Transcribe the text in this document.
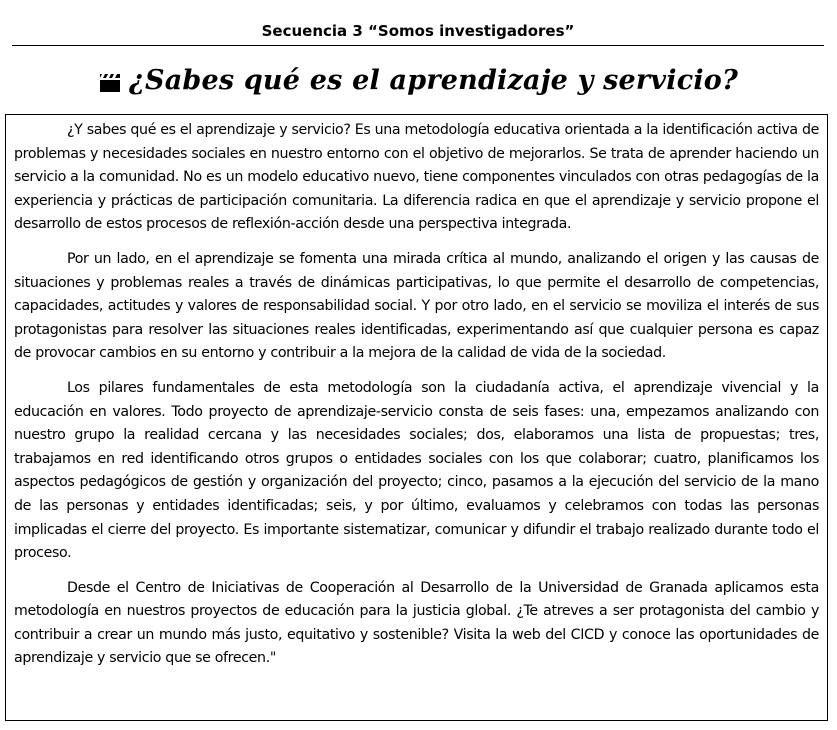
Secuencia 3 “Somos investigadores”
¿Sabes qué es el aprendizaje y servicio?

¿Y sabes qué es el aprendizaje y servicio? Es una metodología educativa orientada a la identificación activa de problemas y necesidades sociales en nuestro entorno con el objetivo de mejorarlos. Se trata de aprender haciendo un servicio a la comunidad. No es un modelo educativo nuevo, tiene componentes vinculados con otras pedagogías de la experiencia y prácticas de participación comunitaria. La diferencia radica en que el aprendizaje y servicio propone el desarrollo de estos procesos de reflexión-acción desde una perspectiva integrada.

Por un lado, en el aprendizaje se fomenta una mirada crítica al mundo, analizando el origen y las causas de situaciones y problemas reales a través de dinámicas participativas, lo que permite el desarrollo de competencias, capacidades, actitudes y valores de responsabilidad social. Y por otro lado, en el servicio se moviliza el interés de sus protagonistas para resolver las situaciones reales identificadas, experimentando así que cualquier persona es capaz de provocar cambios en su entorno y contribuir a la mejora de la calidad de vida de la sociedad.

Los pilares fundamentales de esta metodología son la ciudadanía activa, el aprendizaje vivencial y la educación en valores. Todo proyecto de aprendizaje-servicio consta de seis fases: una, empezamos analizando con nuestro grupo la realidad cercana y las necesidades sociales; dos, elaboramos una lista de propuestas; tres, trabajamos en red identificando otros grupos o entidades sociales con los que colaborar; cuatro, planificamos los aspectos pedagógicos de gestión y organización del proyecto; cinco, pasamos a la ejecución del servicio de la mano de las personas y entidades identificadas; seis, y por último, evaluamos y celebramos con todas las personas implicadas el cierre del proyecto. Es importante sistematizar, comunicar y difundir el trabajo realizado durante todo el proceso.

Desde el Centro de Iniciativas de Cooperación al Desarrollo de la Universidad de Granada aplicamos esta metodología en nuestros proyectos de educación para la justicia global. ¿Te atreves a ser protagonista del cambio y contribuir a crear un mundo más justo, equitativo y sostenible? Visita la web del CICD y conoce las oportunidades de aprendizaje y servicio que se ofrecen."
